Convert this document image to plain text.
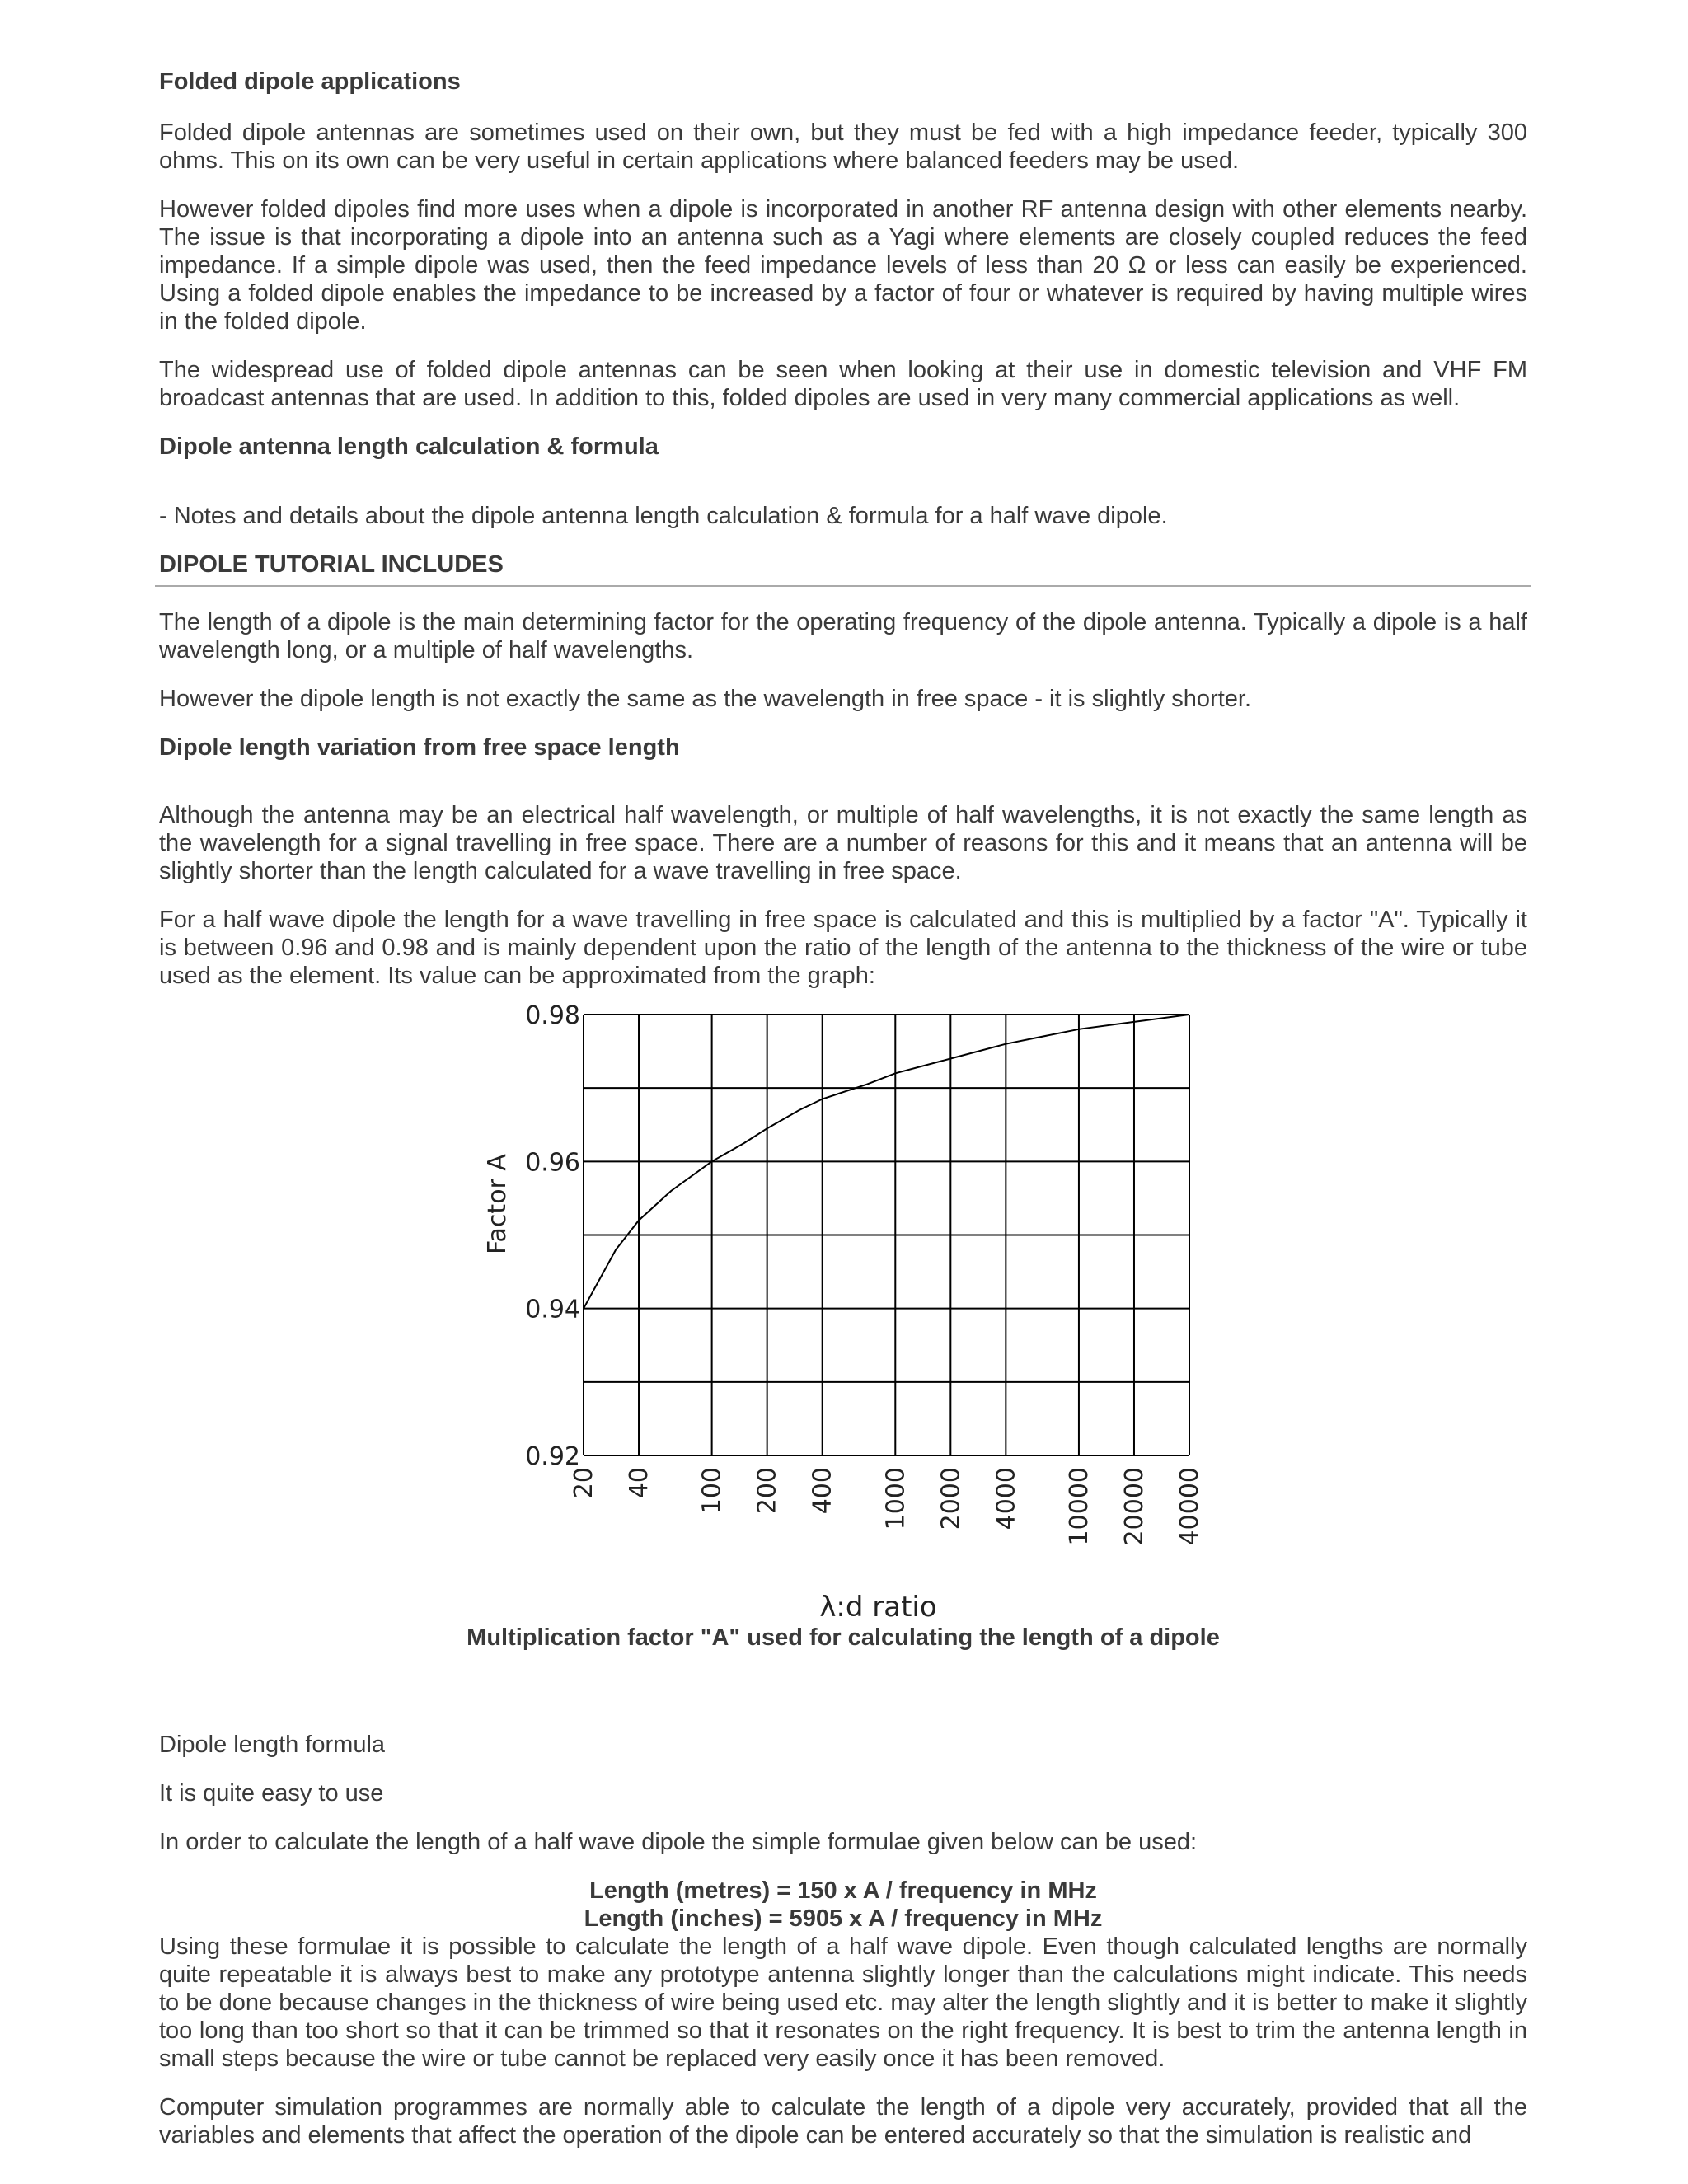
Folded dipole applications

Folded dipole antennas are sometimes used on their own, but they must be fed with a high impedance feeder, typically 300 ohms. This on its own can be very useful in certain applications where balanced feeders may be used.

However folded dipoles find more uses when a dipole is incorporated in another RF antenna design with other elements nearby. The issue is that incorporating a dipole into an antenna such as a Yagi where elements are closely coupled reduces the feed impedance. If a simple dipole was used, then the feed impedance levels of less than 20 Ω or less can easily be experienced. Using a folded dipole enables the impedance to be increased by a factor of four or whatever is required by having multiple wires in the folded dipole.

The widespread use of folded dipole antennas can be seen when looking at their use in domestic television and VHF FM broadcast antennas that are used. In addition to this, folded dipoles are used in very many commercial applications as well.

Dipole antenna length calculation & formula

- Notes and details about the dipole antenna length calculation & formula for a half wave dipole.

DIPOLE TUTORIAL INCLUDES

The length of a dipole is the main determining factor for the operating frequency of the dipole antenna. Typically a dipole is a half wavelength long, or a multiple of half wavelengths.

However the dipole length is not exactly the same as the wavelength in free space - it is slightly shorter.

Dipole length variation from free space length

Although the antenna may be an electrical half wavelength, or multiple of half wavelengths, it is not exactly the same length as the wavelength for a signal travelling in free space. There are a number of reasons for this and it means that an antenna will be slightly shorter than the length calculated for a wave travelling in free space.

For a half wave dipole the length for a wave travelling in free space is calculated and this is multiplied by a factor "A". Typically it is between 0.96 and 0.98 and is mainly dependent upon the ratio of the length of the antenna to the thickness of the wire or tube used as the element. Its value can be approximated from the graph:

0.98
0.96
0.94
0.92
20 40 100 200 400 1000 2000 4000 10000 20000 40000
Factor A
λ:d ratio
Multiplication factor "A" used for calculating the length of a dipole

Dipole length formula

It is quite easy to use

In order to calculate the length of a half wave dipole the simple formulae given below can be used:

Length (metres) = 150 x A / frequency in MHz

Length (inches) = 5905 x A / frequency in MHz

Using these formulae it is possible to calculate the length of a half wave dipole. Even though calculated lengths are normally quite repeatable it is always best to make any prototype antenna slightly longer than the calculations might indicate. This needs to be done because changes in the thickness of wire being used etc. may alter the length slightly and it is better to make it slightly too long than too short so that it can be trimmed so that it resonates on the right frequency. It is best to trim the antenna length in small steps because the wire or tube cannot be replaced very easily once it has been removed.

Computer simulation programmes are normally able to calculate the length of a dipole very accurately, provided that all the variables and elements that affect the operation of the dipole can be entered accurately so that the simulation is realistic and
